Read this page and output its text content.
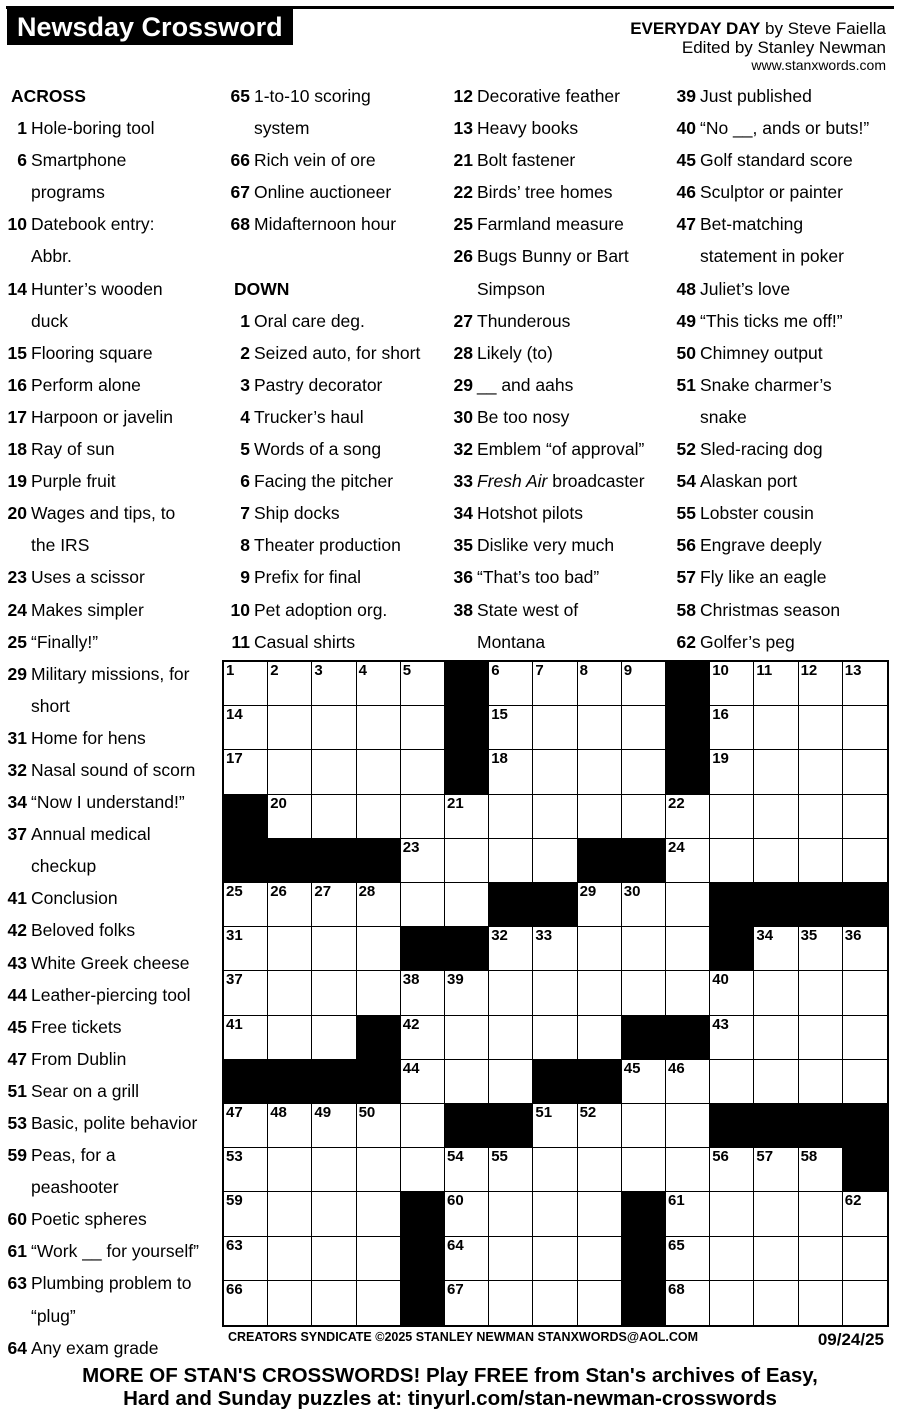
Newsday Crossword	EVERYDAY DAY by Steve Faiella
Edited by Stanley Newman
www.stanxwords.com
ACROSS
1 Hole-boring tool
6 Smartphone
programs
10 Datebook entry:
Abbr.
14 Hunter’s wooden
duck
15 Flooring square
16 Perform alone
17 Harpoon or javelin
18 Ray of sun
19 Purple fruit
20 Wages and tips, to
the IRS
23 Uses a scissor
24 Makes simpler
25 “Finally!”
29 Military missions, for
short
31 Home for hens
32 Nasal sound of scorn
34 “Now I understand!”
37 Annual medical
checkup
41 Conclusion
42 Beloved folks
43 White Greek cheese
44 Leather-piercing tool
45 Free tickets
47 From Dublin
51 Sear on a grill
53 Basic, polite behavior
59 Peas, for a
peashooter
60 Poetic spheres
61 “Work __ for yourself”
63 Plumbing problem to
“plug”
64 Any exam grade
65 1-to-10 scoring
system
66 Rich vein of ore
67 Online auctioneer
68 Midafternoon hour
DOWN
1 Oral care deg.
2 Seized auto, for short
3 Pastry decorator
4 Trucker’s haul
5 Words of a song
6 Facing the pitcher
7 Ship docks
8 Theater production
9 Prefix for final
10 Pet adoption org.
11 Casual shirts
12 Decorative feather
13 Heavy books
21 Bolt fastener
22 Birds’ tree homes
25 Farmland measure
26 Bugs Bunny or Bart
Simpson
27 Thunderous
28 Likely (to)
29 __ and aahs
30 Be too nosy
32 Emblem “of approval”
33 Fresh Air broadcaster
34 Hotshot pilots
35 Dislike very much
36 “That’s too bad”
38 State west of
Montana
39 Just published
40 “No __, ands or buts!”
45 Golf standard score
46 Sculptor or painter
47 Bet-matching
statement in poker
48 Juliet’s love
49 “This ticks me off!”
50 Chimney output
51 Snake charmer’s
snake
52 Sled-racing dog
54 Alaskan port
55 Lobster cousin
56 Engrave deeply
57 Fly like an eagle
58 Christmas season
62 Golfer’s peg
1 2 3 4 5	6 7 8 9	10 11 12 13
14	15	16
17	18	19
20	21	22
23	24
25 26 27 28	29 30
31	32 33	34 35 36
37	38 39	40
41	42	43
44	45 46
47 48 49 50	51 52
53	54 55	56 57 58
59	60	61	62
63	64	65
66	67	68
CREATORS SYNDICATE ©2025 STANLEY NEWMAN STANXWORDS@AOL.COM	09/24/25
MORE OF STAN'S CROSSWORDS! Play FREE from Stan's archives of Easy,
Hard and Sunday puzzles at: tinyurl.com/stan-newman-crosswords
